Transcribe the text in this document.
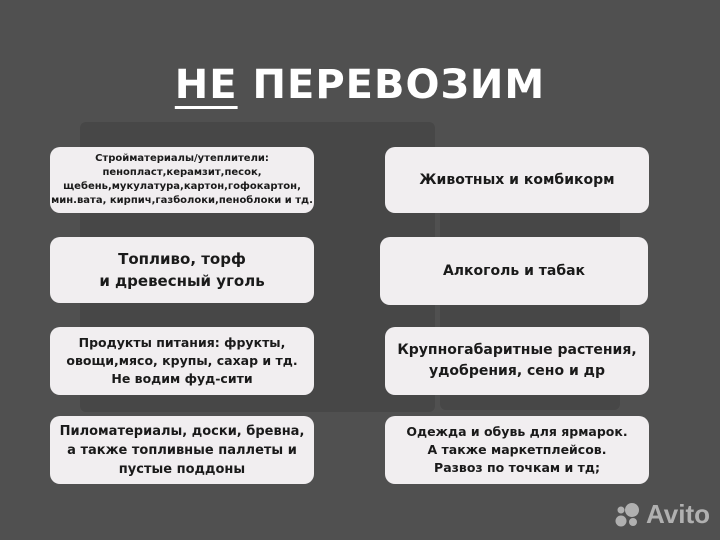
НЕ ПЕРЕВОЗИМ
Стройматериалы/утеплители:
пенопласт,керамзит,песок,
щебень,мукулатура,картон,гофокартон,
мин.вата, кирпич,газболоки,пеноблоки и тд.
Животных и комбикорм
Топливо, торф
и древесный уголь
Алкоголь и табак
Продукты питания: фрукты,
овощи,мясо, крупы, сахар и тд.
Не водим фуд-сити
Крупногабаритные растения,
удобрения, сено и др
Пиломатериалы, доски, бревна,
а также топливные паллеты и
пустые поддоны
Одежда и обувь для ярмарок.
А также маркетплейсов.
Развоз по точкам и тд;
Avito
